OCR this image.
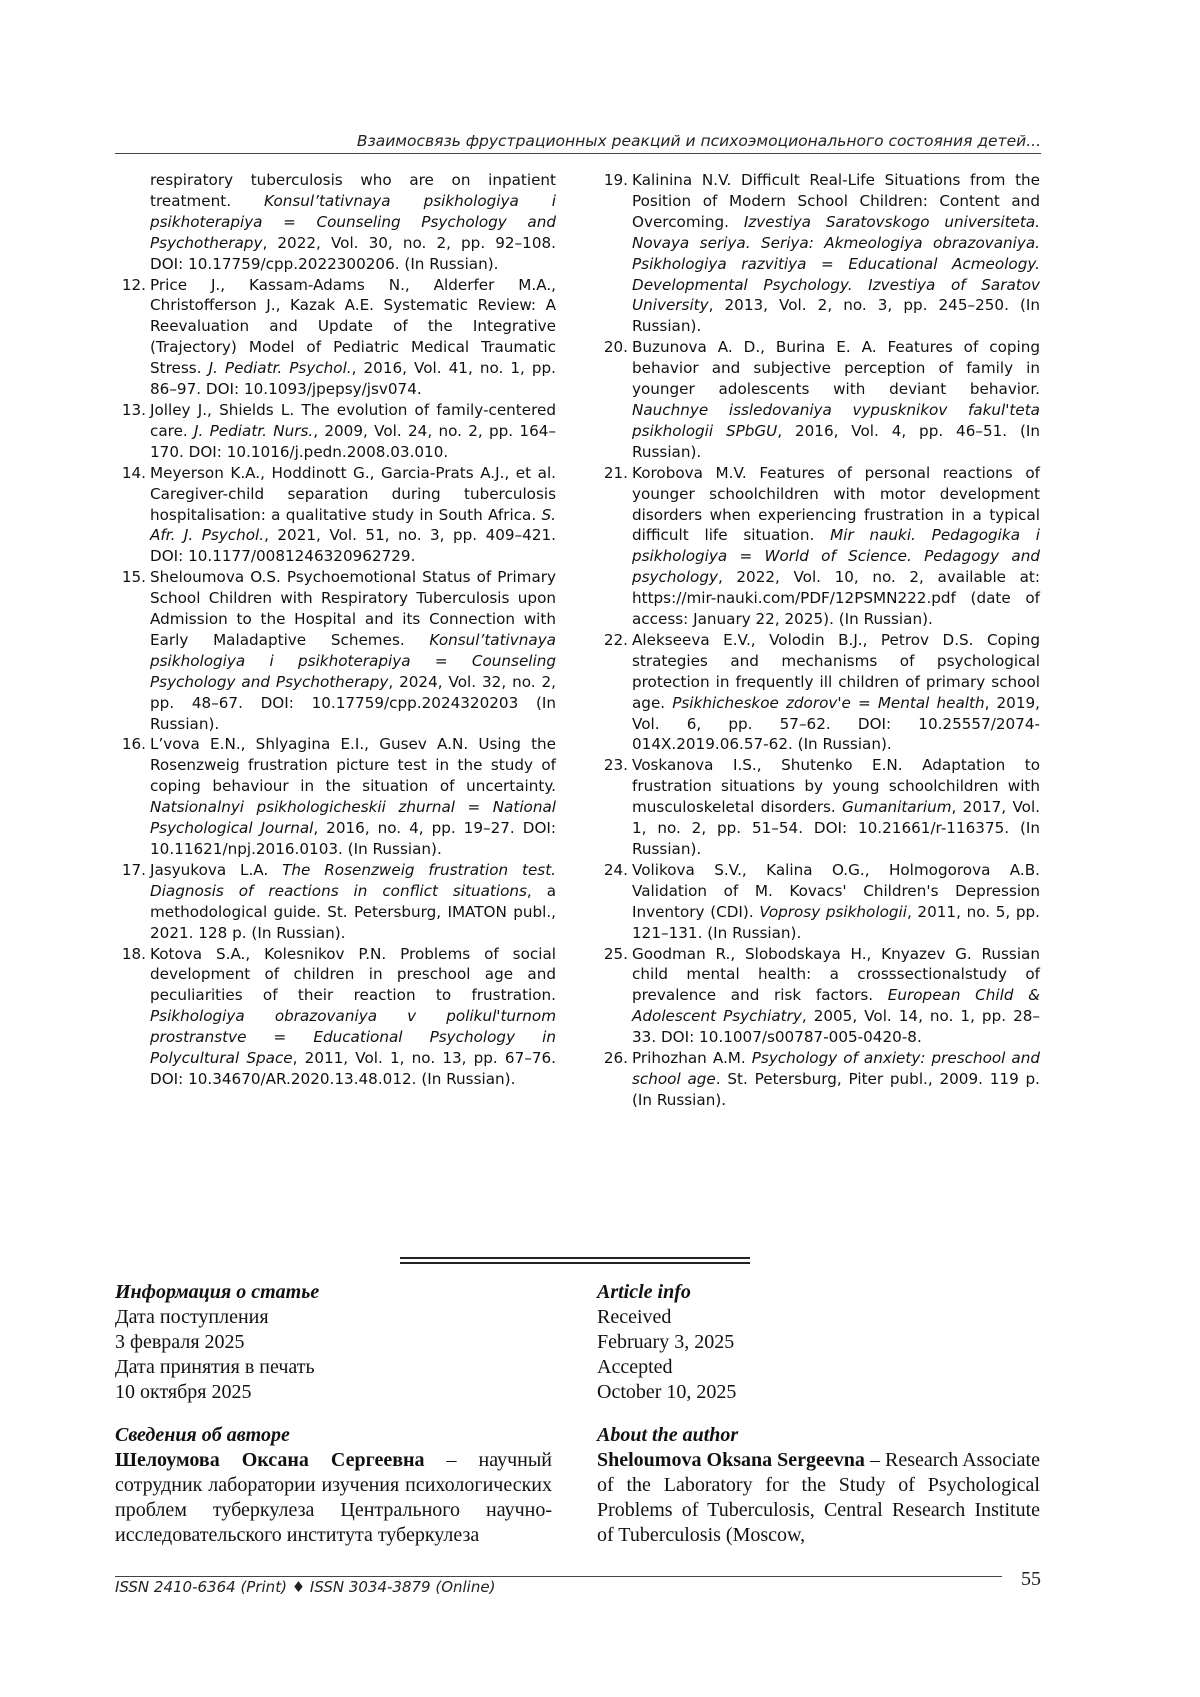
Взаимосвязь фрустрационных реакций и психоэмоционального состояния детей...

respiratory tuberculosis who are on inpatient treatment. Konsul’tativnaya psikhologiya i psikhoterapiya = Counseling Psychology and Psychotherapy, 2022, Vol. 30, no. 2, pp. 92–108. DOI: 10.17759/cpp.2022300206. (In Russian).

12. Price J., Kassam-Adams N., Alderfer M.A., Christofferson J., Kazak A.E. Systematic Review: A Reevaluation and Update of the Integrative (Trajectory) Model of Pediatric Medical Traumatic Stress. J. Pediatr. Psychol., 2016, Vol. 41, no. 1, pp. 86–97. DOI: 10.1093/jpepsy/jsv074.

13. Jolley J., Shields L. The evolution of family-centered care. J. Pediatr. Nurs., 2009, Vol. 24, no. 2, pp. 164–170. DOI: 10.1016/j.pedn.2008.03.010.

14. Meyerson K.A., Hoddinott G., Garcia-Prats A.J., et al. Caregiver-child separation during tuberculosis hospitalisation: a qualitative study in South Africa. S. Afr. J. Psychol., 2021, Vol. 51, no. 3, pp. 409–421. DOI: 10.1177/0081246320962729.

15. Sheloumova O.S. Psychoemotional Status of Primary School Children with Respiratory Tuberculosis upon Admission to the Hospital and its Connection with Early Maladaptive Schemes. Konsul’tativnaya psikhologiya i psikhoterapiya = Counseling Psychology and Psychotherapy, 2024, Vol. 32, no. 2, pp. 48–67. DOI: 10.17759/cpp.2024320203 (In Russian).

16. L’vova E.N., Shlyagina E.I., Gusev A.N. Using the Rosenzweig frustration picture test in the study of coping behaviour in the situation of uncertainty. Natsionalnyi psikhologicheskii zhurnal = National Psychological Journal, 2016, no. 4, pp. 19–27. DOI: 10.11621/npj.2016.0103. (In Russian).

17. Jasyukova L.A. The Rosenzweig frustration test. Diagnosis of reactions in conflict situations, a methodological guide. St. Petersburg, IMATON publ., 2021. 128 p. (In Russian).

18. Kotova S.A., Kolesnikov P.N. Problems of social development of children in preschool age and peculiarities of their reaction to frustration. Psikhologiya obrazovaniya v polikul'turnom prostranstve = Educational Psychology in Polycultural Space, 2011, Vol. 1, no. 13, pp. 67–76. DOI: 10.34670/AR.2020.13.48.012. (In Russian).

19. Kalinina N.V. Difficult Real-Life Situations from the Position of Modern School Children: Content and Overcoming. Izvestiya Saratovskogo universiteta. Novaya seriya. Seriya: Akmeologiya obrazovaniya. Psikhologiya razvitiya = Educational Acmeology. Developmental Psychology. Izvestiya of Saratov University, 2013, Vol. 2, no. 3, pp. 245–250. (In Russian).

20. Buzunova A. D., Burina E. A. Features of coping behavior and subjective perception of family in younger adolescents with deviant behavior. Nauchnye issledovaniya vypusknikov fakul'teta psikhologii SPbGU, 2016, Vol. 4, pp. 46–51. (In Russian).

21. Korobova M.V. Features of personal reactions of younger schoolchildren with motor development disorders when experiencing frustration in a typical difficult life situation. Mir nauki. Pedagogika i psikhologiya = World of Science. Pedagogy and psychology, 2022, Vol. 10, no. 2, available at: https://mir-nauki.com/PDF/12PSMN222.pdf (date of access: January 22, 2025). (In Russian).

22. Alekseeva E.V., Volodin B.J., Petrov D.S. Coping strategies and mechanisms of psychological protection in frequently ill children of primary school age. Psikhicheskoe zdorov'e = Mental health, 2019, Vol. 6, pp. 57–62. DOI: 10.25557/2074-014X.2019.06.57-62. (In Russian).

23. Voskanova I.S., Shutenko E.N. Adaptation to frustration situations by young schoolchildren with musculoskeletal disorders. Gumanitarium, 2017, Vol. 1, no. 2, pp. 51–54. DOI: 10.21661/r-116375. (In Russian).

24. Volikova S.V., Kalina O.G., Holmogorova A.B. Validation of M. Kovacs' Children's Depression Inventory (CDI). Voprosy psikhologii, 2011, no. 5, pp. 121–131. (In Russian).

25. Goodman R., Slobodskaya H., Knyazev G. Russian child mental health: a crosssectionalstudy of prevalence and risk factors. European Child & Adolescent Psychiatry, 2005, Vol. 14, no. 1, pp. 28–33. DOI: 10.1007/s00787-005-0420-8.

26. Prihozhan A.M. Psychology of anxiety: preschool and school age. St. Petersburg, Piter publ., 2009. 119 p. (In Russian).

Информация о статье

Дата поступления

3 февраля 2025

Дата принятия в печать

10 октября 2025

Сведения об авторе

Шелоумова Оксана Сергеевна – научный сотрудник лаборатории изучения психологических проблем туберкулеза Центрального научно-исследовательского института туберкулеза

Article info

Received

February 3, 2025

Accepted

October 10, 2025

About the author

Sheloumova Oksana Sergeevna – Research Associate of the Laboratory for the Study of Psychological Problems of Tuberculosis, Central Research Institute of Tuberculosis (Moscow,

ISSN 2410-6364 (Print) ♦ ISSN 3034-3879 (Online)	55
